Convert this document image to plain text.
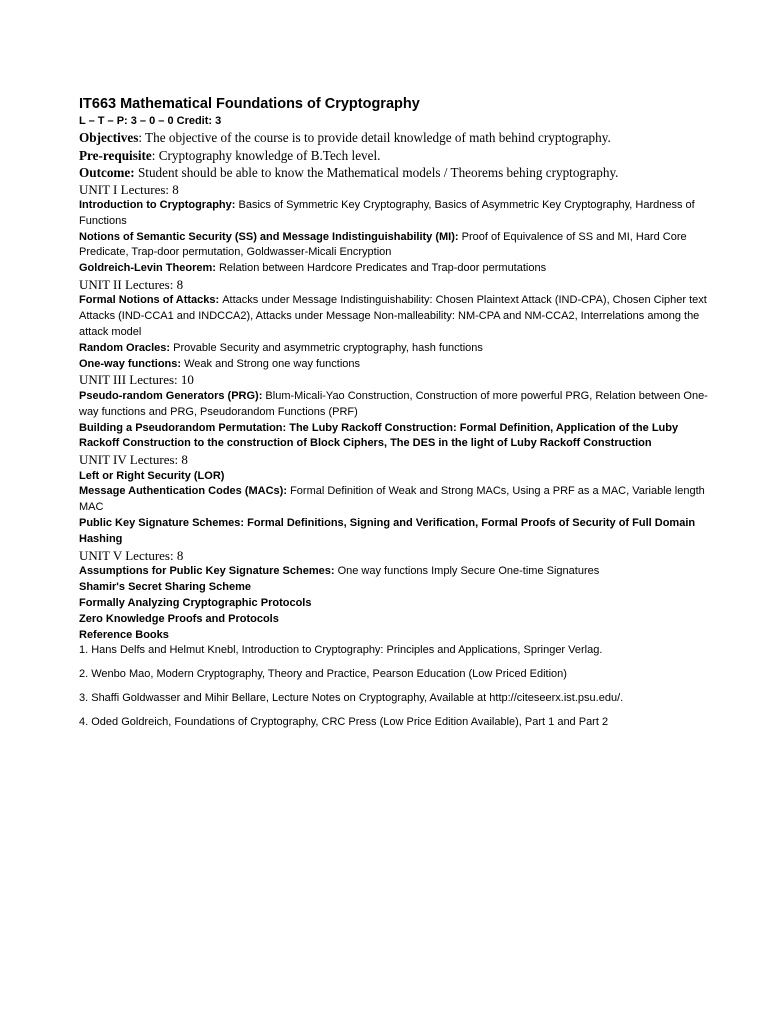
IT663 Mathematical Foundations of Cryptography
L – T – P: 3 – 0 – 0 Credit: 3
Objectives: The objective of the course is to provide detail knowledge of math behind cryptography.
Pre-requisite: Cryptography knowledge of B.Tech level.
Outcome: Student should be able to know the Mathematical models / Theorems behing cryptography.
UNIT I Lectures: 8
Introduction to Cryptography: Basics of Symmetric Key Cryptography, Basics of Asymmetric Key Cryptography, Hardness of Functions
Notions of Semantic Security (SS) and Message Indistinguishability (MI): Proof of Equivalence of SS and MI, Hard Core Predicate, Trap-door permutation, Goldwasser-Micali Encryption
Goldreich-Levin Theorem: Relation between Hardcore Predicates and Trap-door permutations
UNIT II Lectures: 8
Formal Notions of Attacks: Attacks under Message Indistinguishability: Chosen Plaintext Attack (IND-CPA), Chosen Cipher text Attacks (IND-CCA1 and INDCCA2), Attacks under Message Non-malleability: NM-CPA and NM-CCA2, Interrelations among the attack model
Random Oracles: Provable Security and asymmetric cryptography, hash functions
One-way functions: Weak and Strong one way functions
UNIT III Lectures: 10
Pseudo-random Generators (PRG): Blum-Micali-Yao Construction, Construction of more powerful PRG, Relation between One-way functions and PRG, Pseudorandom Functions (PRF)
Building a Pseudorandom Permutation: The Luby Rackoff Construction: Formal Definition, Application of the Luby Rackoff Construction to the construction of Block Ciphers, The DES in the light of Luby Rackoff Construction
UNIT IV Lectures: 8
Left or Right Security (LOR)
Message Authentication Codes (MACs): Formal Definition of Weak and Strong MACs, Using a PRF as a MAC, Variable length MAC
Public Key Signature Schemes: Formal Definitions, Signing and Verification, Formal Proofs of Security of Full Domain Hashing
UNIT V Lectures: 8
Assumptions for Public Key Signature Schemes: One way functions Imply Secure One-time Signatures
Shamir's Secret Sharing Scheme
Formally Analyzing Cryptographic Protocols
Zero Knowledge Proofs and Protocols
Reference Books
1. Hans Delfs and Helmut Knebl, Introduction to Cryptography: Principles and Applications, Springer Verlag.
2. Wenbo Mao, Modern Cryptography, Theory and Practice, Pearson Education (Low Priced Edition)
3. Shaffi Goldwasser and Mihir Bellare, Lecture Notes on Cryptography, Available at http://citeseerx.ist.psu.edu/.
4. Oded Goldreich, Foundations of Cryptography, CRC Press (Low Price Edition Available), Part 1 and Part 2
